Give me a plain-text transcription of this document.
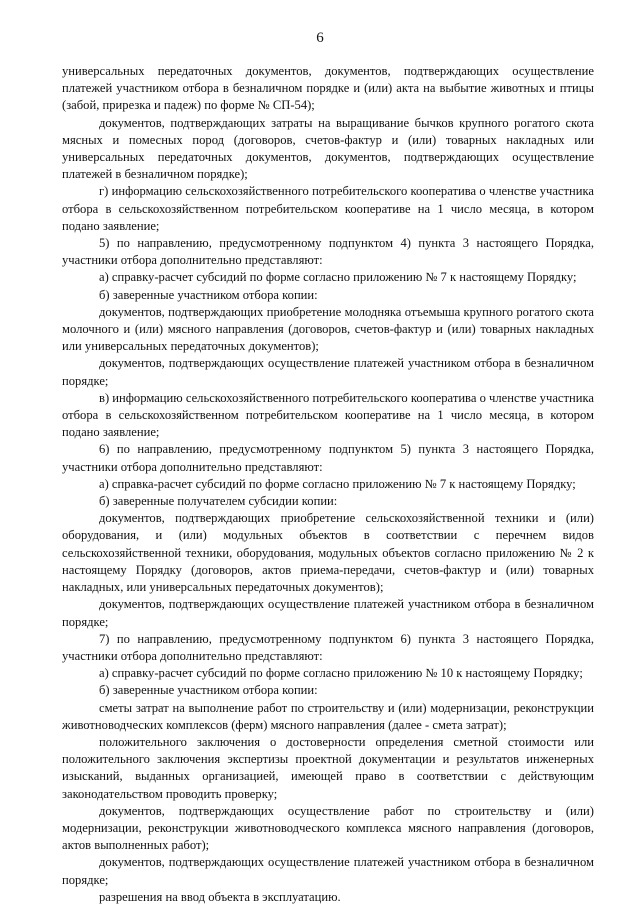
6

универсальных передаточных документов, документов, подтверждающих осуществление платежей участником отбора в безналичном порядке и (или) акта на выбытие животных и птицы (забой, прирезка и падеж) по форме № СП-54);

документов, подтверждающих затраты на выращивание бычков крупного рогатого скота мясных и помесных пород (договоров, счетов-фактур и (или) товарных накладных или универсальных передаточных документов, документов, подтверждающих осуществление платежей в безналичном порядке);

г) информацию сельскохозяйственного потребительского кооператива о членстве участника отбора в сельскохозяйственном потребительском кооперативе на 1 число месяца, в котором подано заявление;

5) по направлению, предусмотренному подпунктом 4) пункта 3 настоящего Порядка, участники отбора дополнительно представляют:

а) справку-расчет субсидий по форме согласно приложению № 7 к настоящему Порядку;

б) заверенные участником отбора копии:

документов, подтверждающих приобретение молодняка отъемыша крупного рогатого скота молочного и (или) мясного направления (договоров, счетов-фактур и (или) товарных накладных или универсальных передаточных документов);

документов, подтверждающих осуществление платежей участником отбора в безналичном порядке;

в) информацию сельскохозяйственного потребительского кооператива о членстве участника отбора в сельскохозяйственном потребительском кооперативе на 1 число месяца, в котором подано заявление;

6) по направлению, предусмотренному подпунктом 5) пункта 3 настоящего Порядка, участники отбора дополнительно представляют:

а) справка-расчет субсидий по форме согласно приложению № 7 к настоящему Порядку;

б) заверенные получателем субсидии копии:

документов, подтверждающих приобретение сельскохозяйственной техники и (или) оборудования, и (или) модульных объектов в соответствии с перечнем видов сельскохозяйственной техники, оборудования, модульных объектов согласно приложению № 2 к настоящему Порядку (договоров, актов приема-передачи, счетов-фактур и (или) товарных накладных, или универсальных передаточных документов);

документов, подтверждающих осуществление платежей участником отбора в безналичном порядке;

7) по направлению, предусмотренному подпунктом 6) пункта 3 настоящего Порядка, участники отбора дополнительно представляют:

а) справку-расчет субсидий по форме согласно приложению № 10 к настоящему Порядку;

б) заверенные участником отбора копии:

сметы затрат на выполнение работ по строительству и (или) модернизации, реконструкции животноводческих комплексов (ферм) мясного направления (далее - смета затрат);

положительного заключения о достоверности определения сметной стоимости или положительного заключения экспертизы проектной документации и результатов инженерных изысканий, выданных организацией, имеющей право в соответствии с действующим законодательством проводить проверку;

документов, подтверждающих осуществление работ по строительству и (или) модернизации, реконструкции животноводческого комплекса мясного направления (договоров, актов выполненных работ);

документов, подтверждающих осуществление платежей участником отбора в безналичном порядке;

разрешения на ввод объекта в эксплуатацию.
